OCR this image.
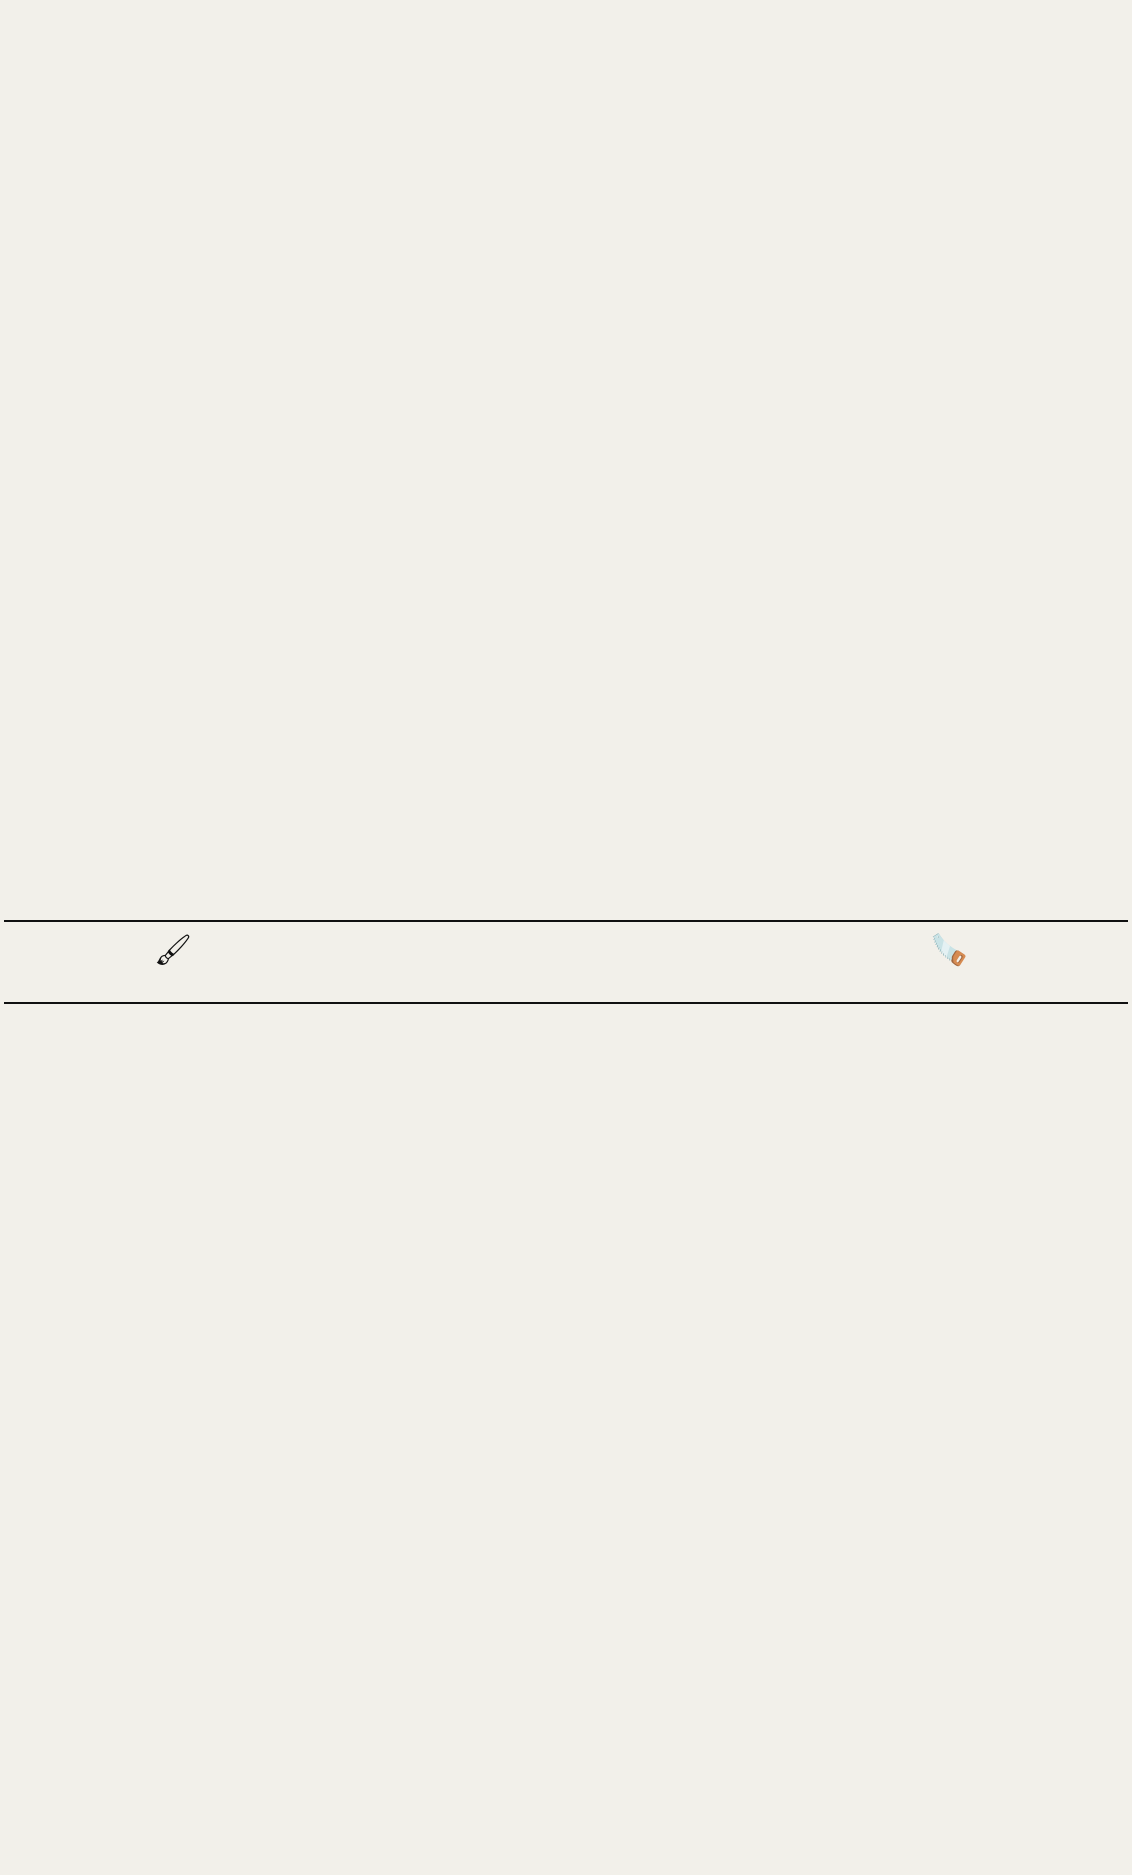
🖌	🪚
